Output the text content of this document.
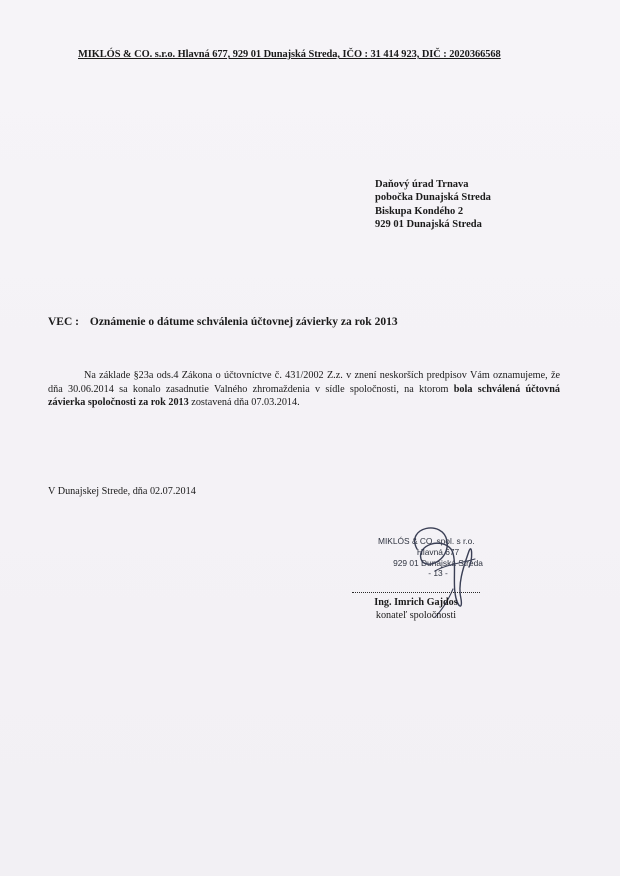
MIKLÓS & CO. s.r.o. Hlavná 677, 929 01 Dunajská Streda, IČO : 31 414 923, DIČ : 2020366568
Daňový úrad Trnava
pobočka Dunajská Streda
Biskupa Kondého 2
929 01 Dunajská Streda
VEC : Oznámenie o dátume schválenia účtovnej závierky za rok 2013
Na základe §23a ods.4 Zákona o účtovníctve č. 431/2002 Z.z. v znení neskorších predpisov Vám oznamujeme, že dňa 30.06.2014 sa konalo zasadnutie Valného zhromaždenia v sídle spoločnosti, na ktorom bola schválená účtovná závierka spoločnosti za rok 2013 zostavená dňa 07.03.2014.
V Dunajskej Strede, dňa 02.07.2014
MIKLÓS & CO spol. s r.o.
Hlavná 677
929 01 Dunajská Streda
- 13 -
Ing. Imrich Gajdos
konateľ spoločnosti
